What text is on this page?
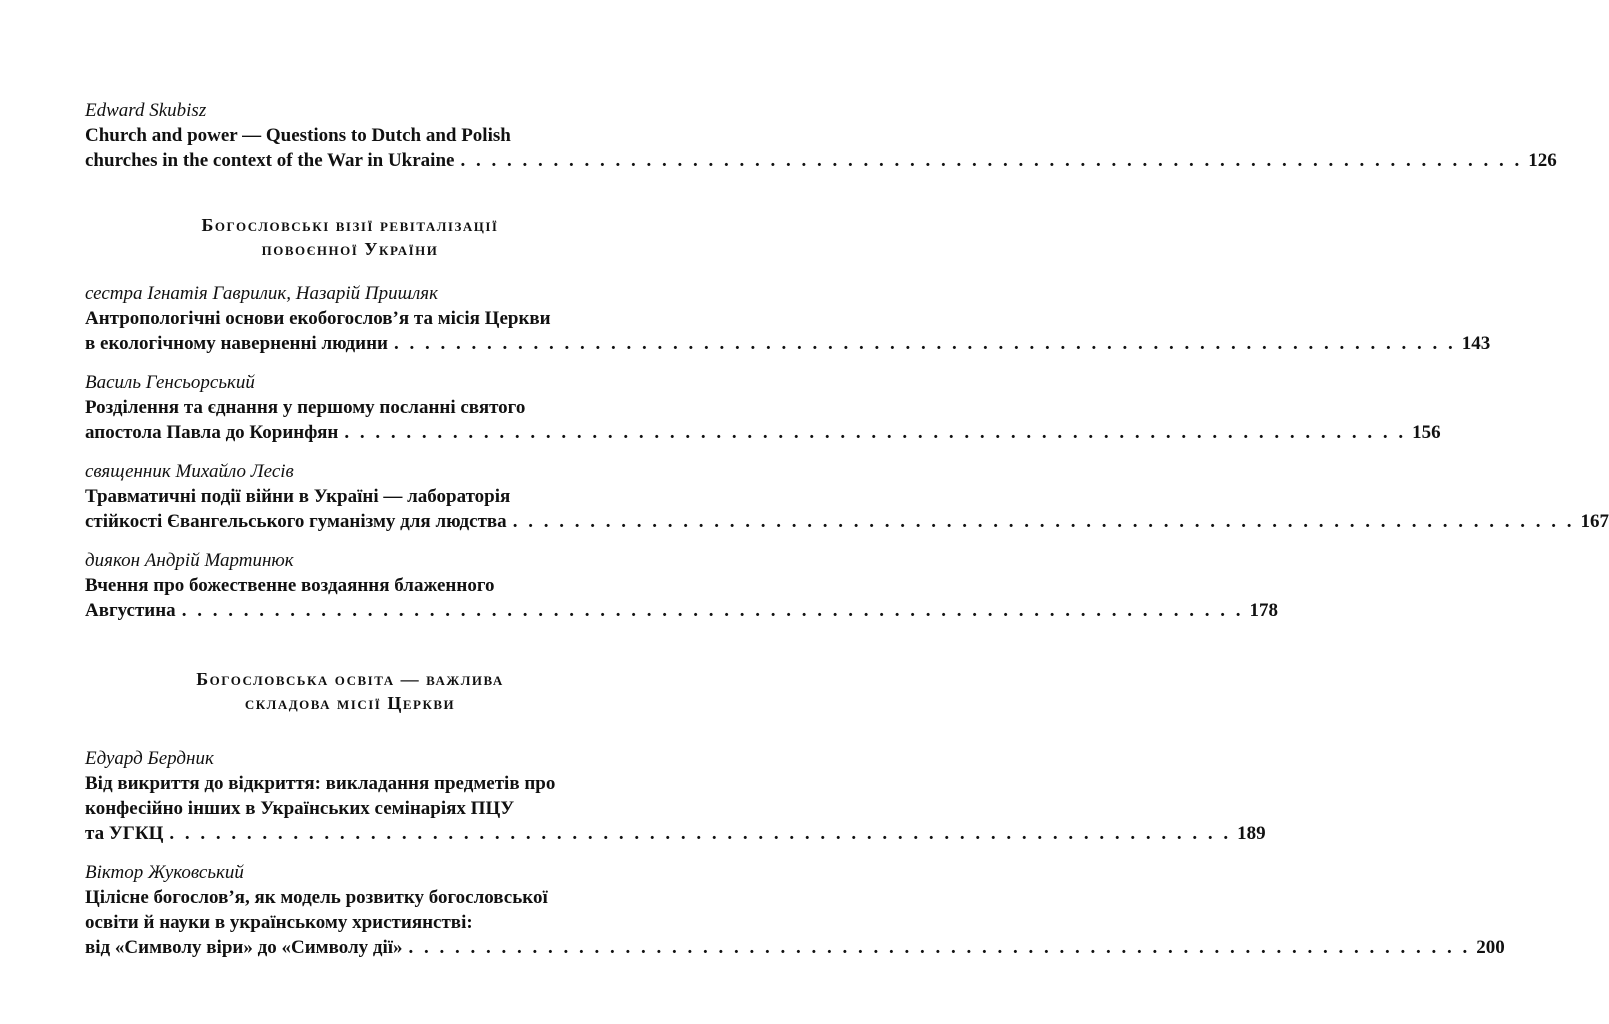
Edward Skubisz
Church and power — Questions to Dutch and Polish
churches in the context of the War in Ukraine . . . . . . . . . . . . . . . . . . . . . . . . . . . . . . . . . . . . . . . . . . . . . . . . . . . . . . . . . . . . . . . . . . . . . 126
Богословські візії ревіталізації
повоєнної України
сестра Ігнатія Гаврилик, Назарій Пришляк
Антропологічні основи екобогослов’я та місія Церкви
в екологічному наверненні людини . . . . . . . . . . . . . . . . . . . . . . . . . . . . . . . . . . . . . . . . . . . . . . . . . . . . . . . . . . . . . . . . . . . . . 143
Василь Генсьорський
Розділення та єднання у першому посланні святого
апостола Павла до Коринфян . . . . . . . . . . . . . . . . . . . . . . . . . . . . . . . . . . . . . . . . . . . . . . . . . . . . . . . . . . . . . . . . . . . . . 156
священник Михайло Лесів
Травматичні події війни в Україні — лабораторія
стійкості Євангельського гуманізму для людства . . . . . . . . . . . . . . . . . . . . . . . . . . . . . . . . . . . . . . . . . . . . . . . . . . . . . . . . . . . . . . . . . . . . . 167
диякон Андрій Мартинюк
Вчення про божественне воздаяння блаженного
Августина . . . . . . . . . . . . . . . . . . . . . . . . . . . . . . . . . . . . . . . . . . . . . . . . . . . . . . . . . . . . . . . . . . . . . 178
Богословська освіта — важлива
складова місії Церкви
Едуард Бердник
Від викриття до відкриття: викладання предметів про
конфесійно інших в Українських семінаріях ПЦУ
та УГКЦ . . . . . . . . . . . . . . . . . . . . . . . . . . . . . . . . . . . . . . . . . . . . . . . . . . . . . . . . . . . . . . . . . . . . . 189
Віктор Жуковський
Цілісне богослов’я, як модель розвитку богословської
освіти й науки в українському християнстві:
від «Символу віри» до «Символу дії» . . . . . . . . . . . . . . . . . . . . . . . . . . . . . . . . . . . . . . . . . . . . . . . . . . . . . . . . . . . . . . . . . . . . . 200
